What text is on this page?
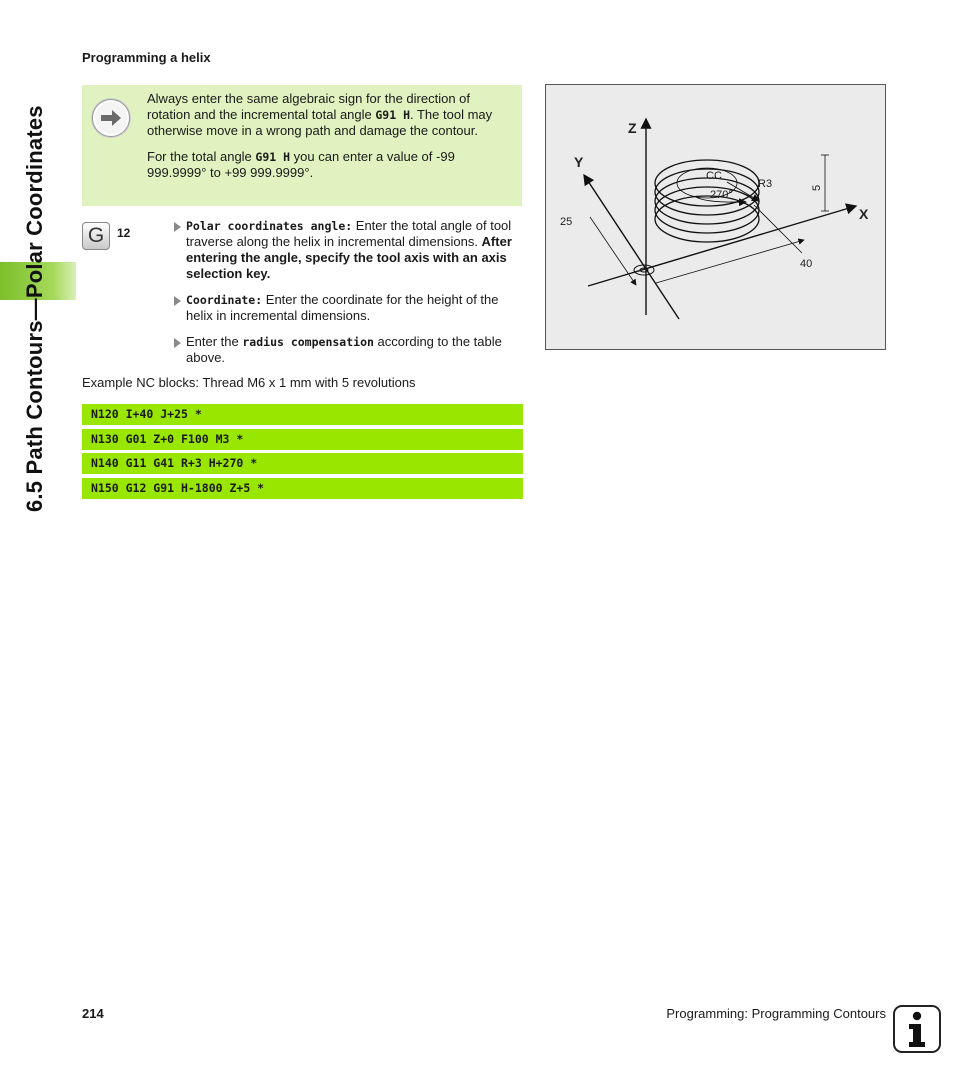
6.5 Path Contours—Polar Coordinates
Programming a helix

Always enter the same algebraic sign for the direction of rotation and the incremental total angle G91 H. The tool may otherwise move in a wrong path and damage the contour.

For the total angle G91 H you can enter a value of -99 999.9999° to +99 999.9999°.

G	12	Polar coordinates angle: Enter the total angle of tool traverse along the helix in incremental dimensions. After entering the angle, specify the tool axis with an axis selection key.
Coordinate: Enter the coordinate for the height of the helix in incremental dimensions.
Enter the radius compensation according to the table above.
Example NC blocks: Thread M6 x 1 mm with 5 revolutions
N120 I+40 J+25 *
N130 G01 Z+0 F100 M3 *
N140 G11 G41 R+3 H+270 *
N150 G12 G91 H-1800 Z+5 *
Z
Y
X
CC
R3
270°
5
25
40
214	Programming: Programming Contours
